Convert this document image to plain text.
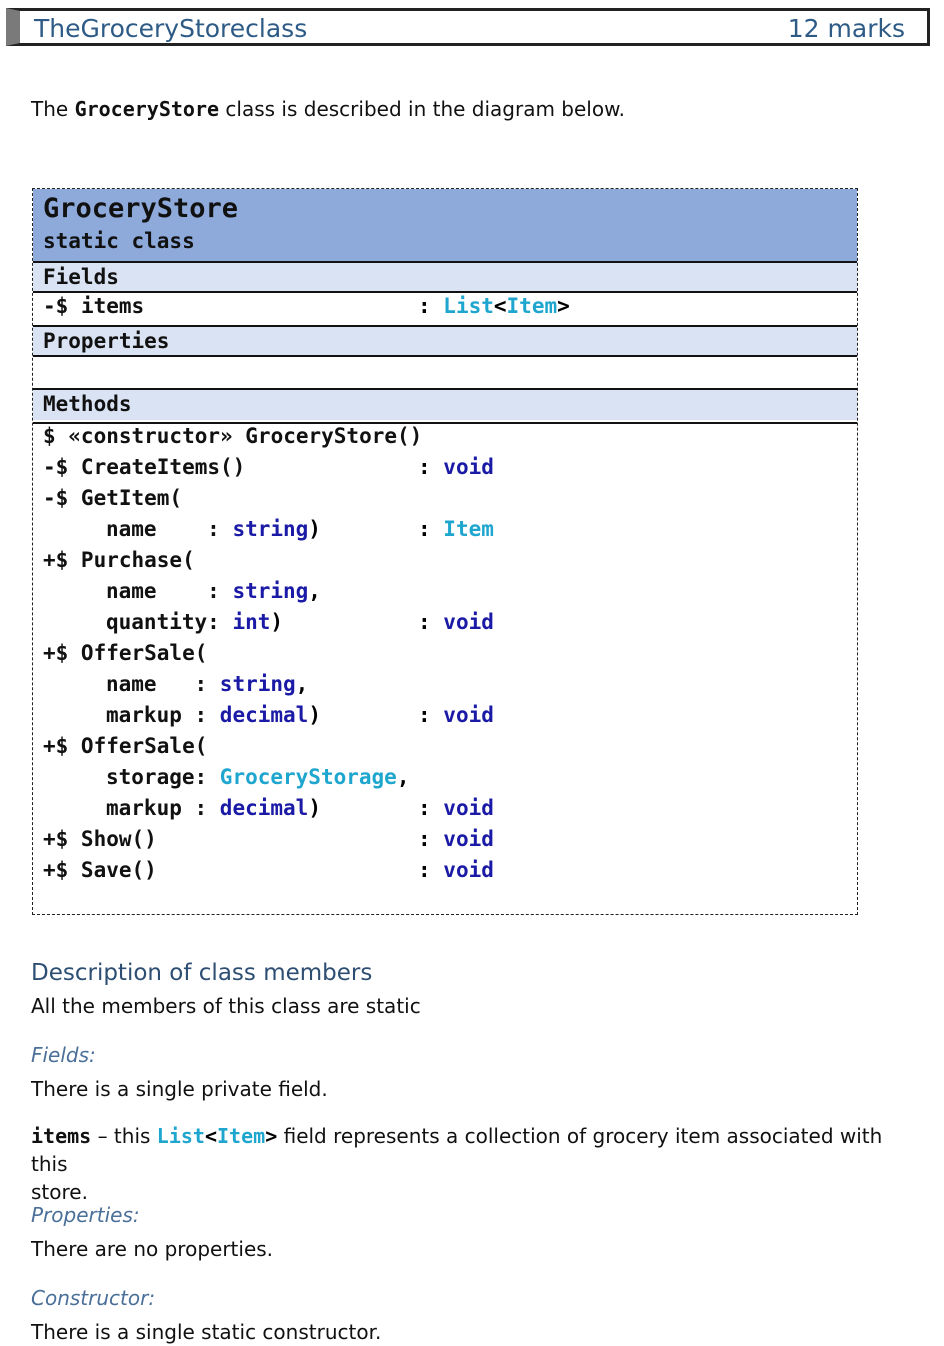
TheGroceryStoreclass	12 marks
The GroceryStore class is described in the diagram below.
GroceryStore
static class
Fields
-$ items	: List<Item>
Properties
Methods
$ «constructor» GroceryStore()
-$ CreateItems()	: void
-$ GetItem(
name    : string)	: Item
+$ Purchase(
name    : string,
quantity: int)	: void
+$ OfferSale(
name   : string,
markup : decimal)	: void
+$ OfferSale(
storage: GroceryStorage,
markup : decimal)	: void
+$ Show()	: void
+$ Save()	: void
Description of class members
All the members of this class are static
Fields:
There is a single private field.
items – this List<Item> field represents a collection of grocery item associated with this
store.
Properties:
There are no properties.
Constructor:
There is a single static constructor.
